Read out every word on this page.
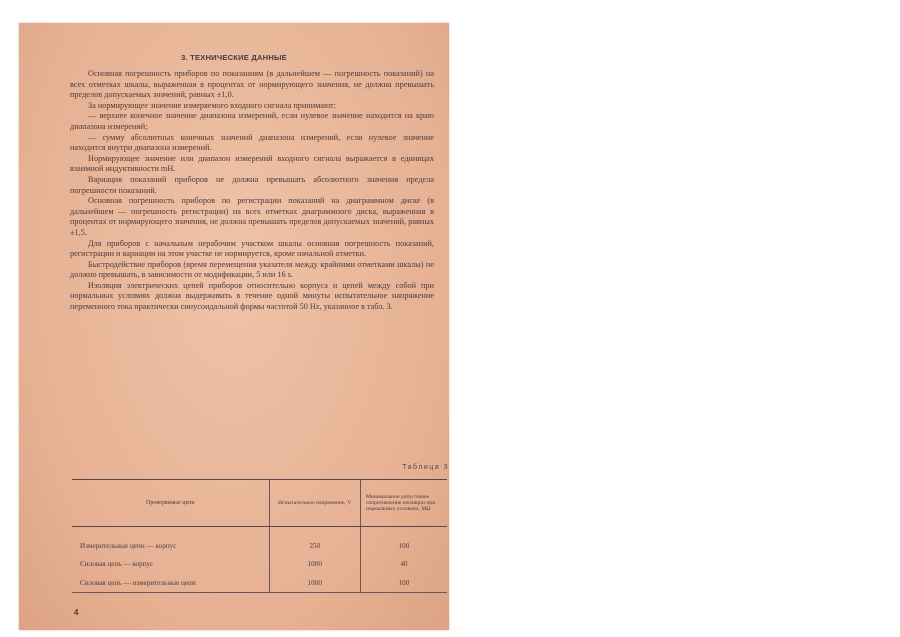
3. ТЕХНИЧЕСКИЕ ДАННЫЕ

Основная погрешность приборов по показаниям (в дальнейшем — погрешность показаний) на всех отметках шкалы, выраженная в процентах от нормирующего значения, не должна превышать пределов допускаемых значений, равных ±1,0.

За нормирующее значение измеряемого входного сигнала принимают:

— верхнее конечное значение диапазона измерений, если нулевое значение находится на краю диапазона измерений;

— сумму абсолютных конечных значений диапазона измерений, если нулевое значение находится внутри диапазона измерений.

Нормирующее значение или диапазон измерений входного сигнала выражается в единицах взаимной индуктивности mH.

Вариация показаний приборов не должна превышать абсолютного значения предела погрешности показаний.

Основная погрешность приборов по регистрации показаний на диаграммном диске (в дальнейшем — погрешность регистрации) на всех отметках диаграммного диска, выраженная в процентах от нормирующего значения, не должна превышать пределов допускаемых значений, равных ±1,5.

Для приборов с начальным нерабочим участком шкалы основная погрешность показаний, регистрации и вариации на этом участке не нормируется, кроме начальной отметки.

Быстродействие приборов (время перемещения указателя между крайними отметками шкалы) не должно превышать, в зависимости от модификации, 5 или 16 s.

Изоляция электрических цепей приборов относительно корпуса и цепей между собой при нормальных условиях должна выдерживать в течение одной минуты испытательное напряжение переменного тока практически синусоидальной формы частотой 50 Hz, указанное в табл. 3.

Таблица 3
Проверяемые цепи	Испытательное напряжение, V	Минимальное допустимое сопротивление изоляции при нормальных условиях, MΩ
Измерительные цепи — корпус	250	100
Силовая цепь — корпус	1000	40
Силовая цепь — измерительные цепи	1000	100
4
